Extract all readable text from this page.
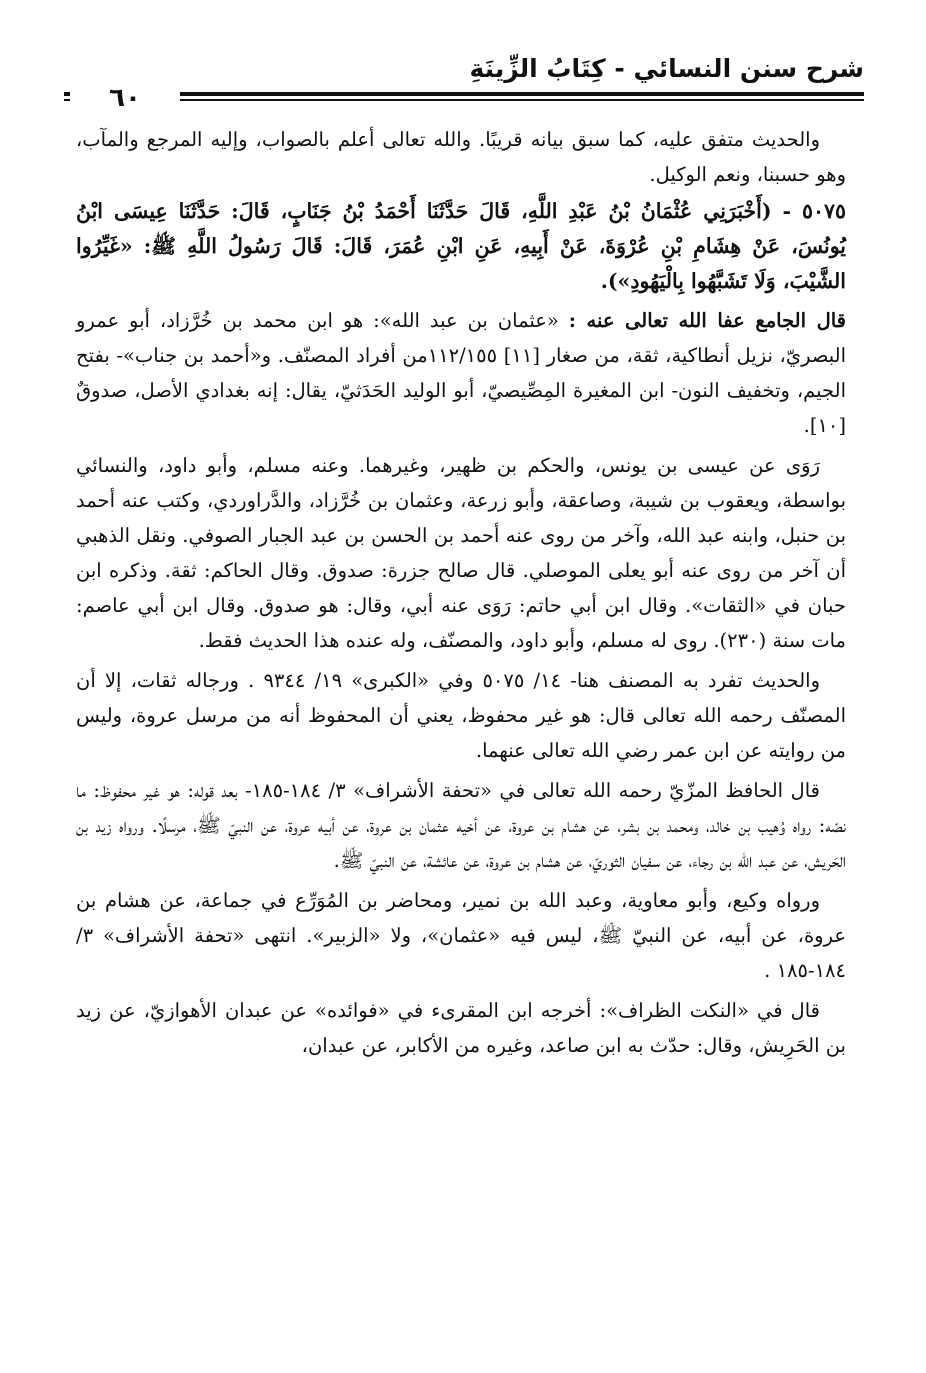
شرح سنن النسائي - كِتَابُ الزِّينَةِ
٦٠

والحديث متفق عليه، كما سبق بيانه قريبًا. والله تعالى أعلم بالصواب، وإليه المرجع والمآب، وهو حسبنا، ونعم الوكيل.

٥٠٧٥ - (أَخْبَرَنِي عُثْمَانُ بْنُ عَبْدِ اللَّهِ، قَالَ حَدَّثَنَا أَحْمَدُ بْنُ جَنَابٍ، قَالَ: حَدَّثَنَا عِيسَى ابْنُ يُونُسَ، عَنْ هِشَامِ بْنِ عُرْوَةَ، عَنْ أَبِيهِ، عَنِ ابْنِ عُمَرَ، قَالَ: قَالَ رَسُولُ اللَّهِ ﷺ: «غَيِّرُوا الشَّيْبَ، وَلَا تَشَبَّهُوا بِالْيَهُودِ»).

قال الجامع عفا الله تعالى عنه : «عثمان بن عبد الله»: هو ابن محمد بن خُرَّزاد، أبو عمرو البصريّ، نزيل أنطاكية، ثقة، من صغار [١١] ١١٢/١٥٥من أفراد المصنّف. و«أحمد بن جناب»- بفتح الجيم، وتخفيف النون- ابن المغيرة المِصِّيصيّ، أبو الوليد الحَدَثيّ، يقال: إنه بغدادي الأصل، صدوقٌ [١٠].

رَوَى عن عيسى بن يونس، والحكم بن ظهير، وغيرهما. وعنه مسلم، وأبو داود، والنسائي بواسطة، ويعقوب بن شيبة، وصاعقة، وأبو زرعة، وعثمان بن خُرَّزاد، والدَّراوردي، وكتب عنه أحمد بن حنبل، وابنه عبد الله، وآخر من روى عنه أحمد بن الحسن بن عبد الجبار الصوفي. ونقل الذهبي أن آخر من روى عنه أبو يعلى الموصلي. قال صالح جزرة: صدوق. وقال الحاكم: ثقة. وذكره ابن حبان في «الثقات». وقال ابن أبي حاتم: رَوَى عنه أبي، وقال: هو صدوق. وقال ابن أبي عاصم: مات سنة (٢٣٠). روى له مسلم، وأبو داود، والمصنّف، وله عنده هذا الحديث فقط.

والحديث تفرد به المصنف هنا- ١٤/ ٥٠٧٥ وفي «الكبرى» ١٩/ ٩٣٤٤ . ورجاله ثقات، إلا أن المصنّف رحمه الله تعالى قال: هو غير محفوظ، يعني أن المحفوظ أنه من مرسل عروة، وليس من روايته عن ابن عمر رضي الله تعالى عنهما.

قال الحافظ المزّيّ رحمه الله تعالى في «تحفة الأشراف» ٣/ ١٨٤-١٨٥- بعد قوله: هو غير محفوظ: ما نصّه: رواه وُهيب بن خالد، ومحمد بن بشر، عن هشام بن عروة، عن أخيه عثمان بن عروة، عن أبيه عروة، عن النبيّ ﷺ، مرسلًا. ورواه زيد بن الحَريش، عن عبد الله بن رجاء، عن سفيان الثوريّ، عن هشام بن عروة، عن عائشة، عن النبيّ ﷺ.

ورواه وكيع، وأبو معاوية، وعبد الله بن نمير، ومحاضر بن المُوَرِّع في جماعة، عن هشام بن عروة، عن أبيه، عن النبيّ ﷺ، ليس فيه «عثمان»، ولا «الزبير». انتهى «تحفة الأشراف» ٣/ ١٨٤-١٨٥ .

قال في «النكت الظراف»: أخرجه ابن المقرىء في «فوائده» عن عبدان الأهوازيّ، عن زيد بن الحَرِيش، وقال: حدّث به ابن صاعد، وغيره من الأكابر، عن عبدان،
